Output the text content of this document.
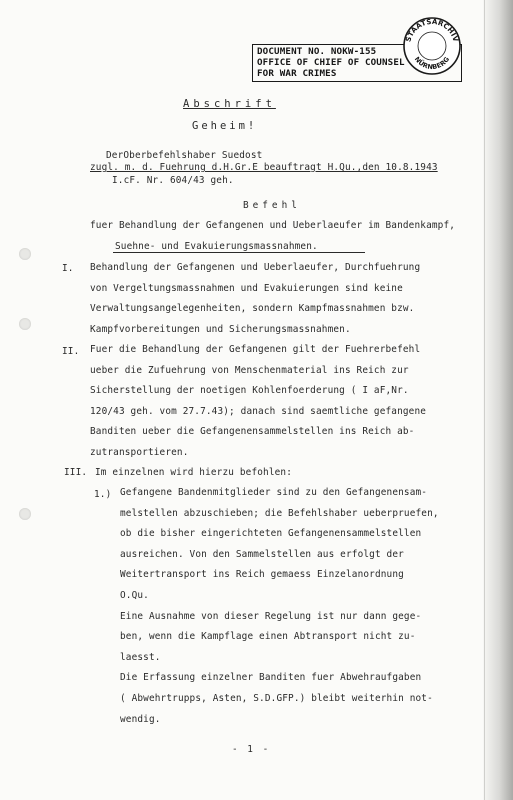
DOCUMENT NO. NOKW-155
OFFICE OF CHIEF OF COUNSEL
FOR WAR CRIMES
STAATSARCHIV
NÜRNBERG
Abschrift
Geheim!
DerOberbefehlshaber Suedost
zugl. m. d. Fuehrung d.H.Gr.E beauftragt H.Qu.,den 10.8.1943
I.cF. Nr. 604/43 geh.
Befehl
fuer Behandlung der Gefangenen und Ueberlaeufer im Bandenkampf,
Suehne- und Evakuierungsmassnahmen.
I. Behandlung der Gefangenen und Ueberlaeufer, Durchfuehrung
von Vergeltungsmassnahmen und Evakuierungen sind keine
Verwaltungsangelegenheiten, sondern Kampfmassnahmen bzw.
Kampfvorbereitungen und Sicherungsmassnahmen.
II. Fuer die Behandlung der Gefangenen gilt der Fuehrerbefehl
ueber die Zufuehrung von Menschenmaterial ins Reich zur
Sicherstellung der noetigen Kohlenfoerderung ( I aF,Nr.
120/43 geh. vom 27.7.43); danach sind saemtliche gefangene
Banditen ueber die Gefangenensammelstellen ins Reich ab-
zutransportieren.
III. Im einzelnen wird hierzu befohlen:
1.) Gefangene Bandenmitglieder sind zu den Gefangenensam-
melstellen abzuschieben; die Befehlshaber ueberpruefen,
ob die bisher eingerichteten Gefangenensammelstellen
ausreichen. Von den Sammelstellen aus erfolgt der
Weitertransport ins Reich gemaess Einzelanordnung
O.Qu.
Eine Ausnahme von dieser Regelung ist nur dann gege-
ben, wenn die Kampflage einen Abtransport nicht zu-
laesst.
Die Erfassung einzelner Banditen fuer Abwehraufgaben
( Abwehrtrupps, Asten, S.D.GFP.) bleibt weiterhin not-
wendig.
- 1 -
